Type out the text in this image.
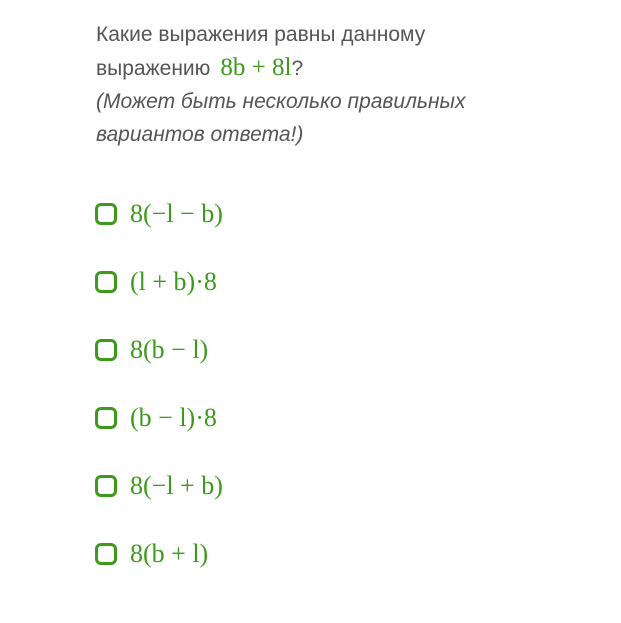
Какие выражения равны данному
выражению 8b + 8l?
(Может быть несколько правильных
вариантов ответа!)
8(−l − b)
(l + b)·8
8(b − l)
(b − l)·8
8(−l + b)
8(b + l)
